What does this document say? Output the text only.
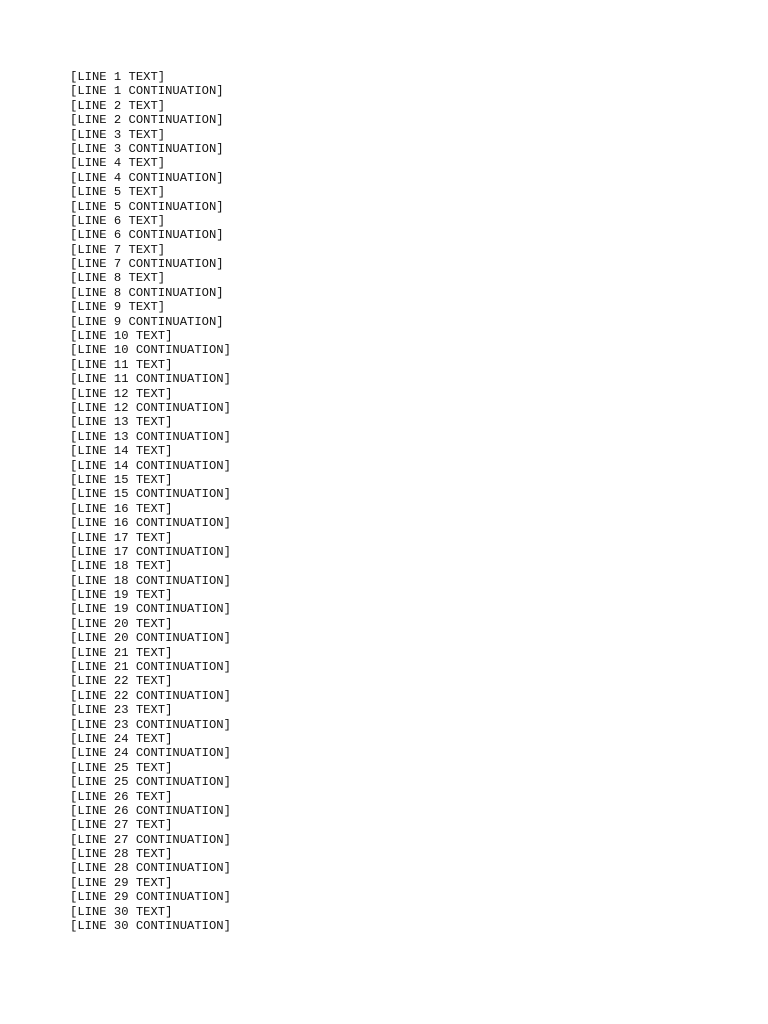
[LINE 1 TEXT]
[LINE 1 CONTINUATION]
[LINE 2 TEXT]
[LINE 2 CONTINUATION]
[LINE 3 TEXT]
[LINE 3 CONTINUATION]
[LINE 4 TEXT]
[LINE 4 CONTINUATION]
[LINE 5 TEXT]
[LINE 5 CONTINUATION]
[LINE 6 TEXT]
[LINE 6 CONTINUATION]
[LINE 7 TEXT]
[LINE 7 CONTINUATION]
[LINE 8 TEXT]
[LINE 8 CONTINUATION]
[LINE 9 TEXT]
[LINE 9 CONTINUATION]
[LINE 10 TEXT]
[LINE 10 CONTINUATION]
[LINE 11 TEXT]
[LINE 11 CONTINUATION]
[LINE 12 TEXT]
[LINE 12 CONTINUATION]
[LINE 13 TEXT]
[LINE 13 CONTINUATION]
[LINE 14 TEXT]
[LINE 14 CONTINUATION]
[LINE 15 TEXT]
[LINE 15 CONTINUATION]
[LINE 16 TEXT]
[LINE 16 CONTINUATION]
[LINE 17 TEXT]
[LINE 17 CONTINUATION]
[LINE 18 TEXT]
[LINE 18 CONTINUATION]
[LINE 19 TEXT]
[LINE 19 CONTINUATION]
[LINE 20 TEXT]
[LINE 20 CONTINUATION]
[LINE 21 TEXT]
[LINE 21 CONTINUATION]
[LINE 22 TEXT]
[LINE 22 CONTINUATION]
[LINE 23 TEXT]
[LINE 23 CONTINUATION]
[LINE 24 TEXT]
[LINE 24 CONTINUATION]
[LINE 25 TEXT]
[LINE 25 CONTINUATION]
[LINE 26 TEXT]
[LINE 26 CONTINUATION]
[LINE 27 TEXT]
[LINE 27 CONTINUATION]
[LINE 28 TEXT]
[LINE 28 CONTINUATION]
[LINE 29 TEXT]
[LINE 29 CONTINUATION]
[LINE 30 TEXT]
[LINE 30 CONTINUATION]
